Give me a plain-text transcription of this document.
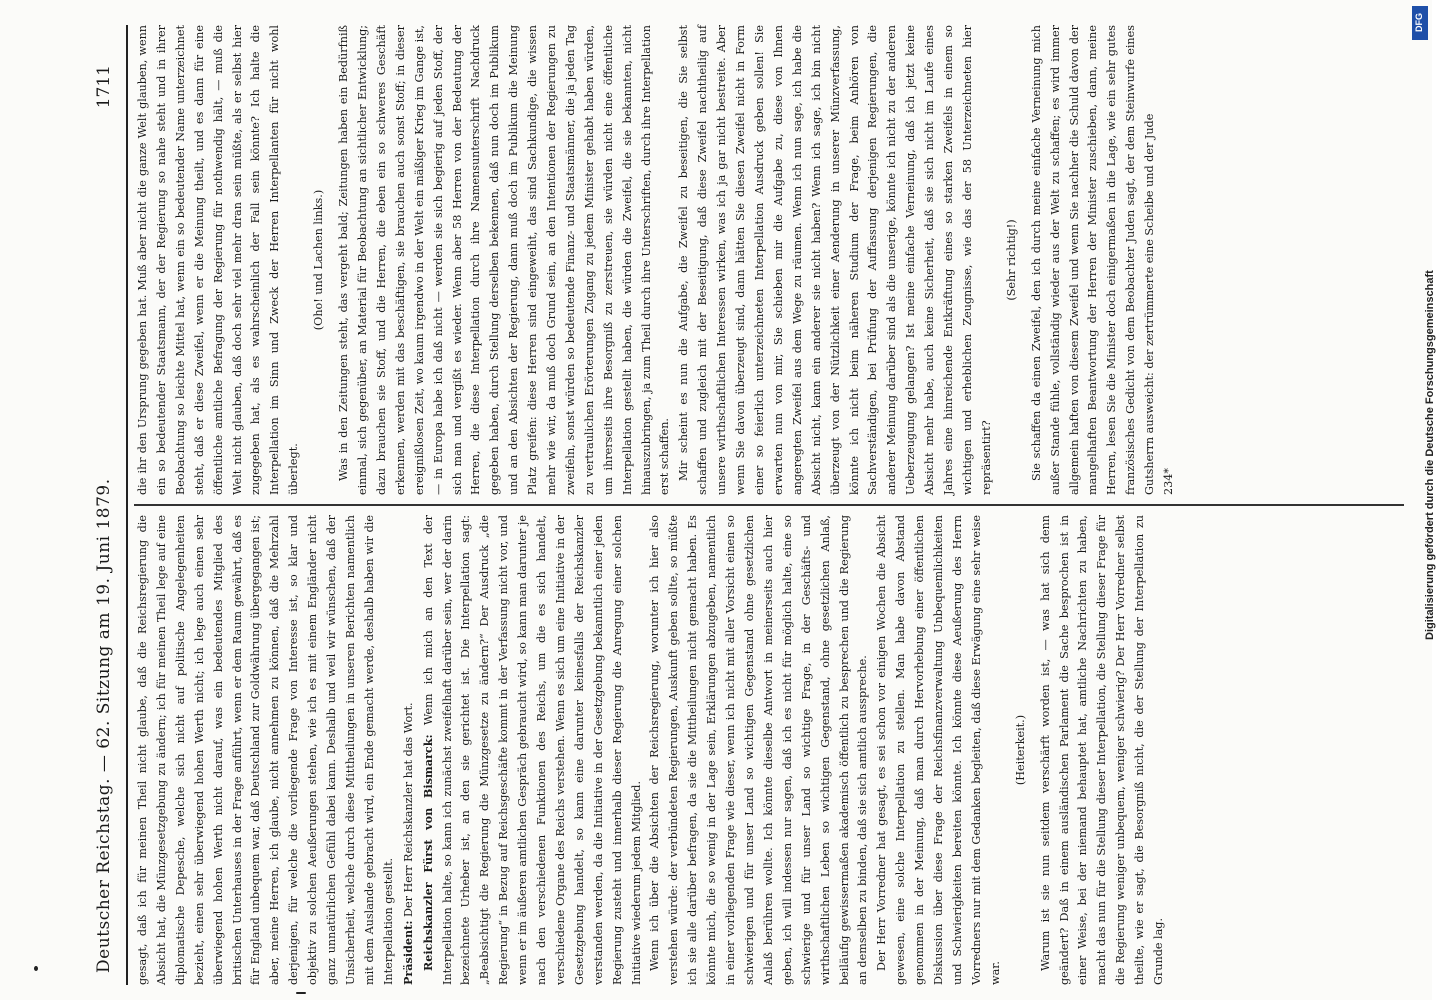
Deutscher Reichstag. — 62. Sitzung am 19. Juni 1879.
1711

gesagt, daß ich für meinen Theil nicht glaube, daß die Reichsregierung die Absicht hat, die Münzgesetzgebung zu ändern; ich für meinen Theil lege auf eine diplomatische Depesche, welche sich nicht auf politische Angelegenheiten bezieht, einen sehr überwiegend hohen Werth nicht; ich lege auch einen sehr überwiegend hohen Werth nicht darauf, was ein bedeutendes Mitglied des britischen Unterhauses in der Frage anführt, wenn er dem Raum gewährt, daß es für England unbequem war, daß Deutschland zur Goldwährung übergegangen ist; aber, meine Herren, ich glaube, nicht annehmen zu können, daß die Mehrzahl derjenigen, für welche die vorliegende Frage von Interesse ist, so klar und objektiv zu solchen Aeußerungen stehen, wie ich es mit einem Engländer nicht ganz unnatürlichen Gefühl dabei kann. Deshalb und weil wir wünschen, daß der Unsicherheit, welche durch diese Mittheilungen in unseren Berichten namentlich mit dem Auslande gebracht wird, ein Ende gemacht werde, deshalb haben wir die Interpellation gestellt. Präsident: Der Herr Reichskanzler hat das Wort. Reichskanzler Fürst von Bismarck: Wenn ich mich an den Text der Interpellation halte, so kann ich zunächst zweifelhaft darüber sein, wer der darin bezeichnete Urheber ist, an den sie gerichtet ist. Die Interpellation sagt: „Beabsichtigt die Regierung die Münzgesetze zu ändern?“ Der Ausdruck „die Regierung“ in Bezug auf Reichsgeschäfte kommt in der Verfassung nicht vor, und wenn er im äußeren amtlichen Gespräch gebraucht wird, so kann man darunter je nach den verschiedenen Funktionen des Reichs, um die es sich handelt, verschiedene Organe des Reichs verstehen. Wenn es sich um eine Initiative in der Gesetzgebung handelt, so kann eine darunter keinesfalls der Reichskanzler verstanden werden, da die Initiative in der Gesetzgebung bekanntlich einer jeden Regierung zusteht und innerhalb dieser Regierung die Anregung einer solchen Initiative wiederum jedem Mitglied. Wenn ich über die Absichten der Reichsregierung, worunter ich hier also verstehen würde: der verbündeten Regierungen, Auskunft geben sollte, so müßte ich sie alle darüber befragen, da sie die Mittheilungen nicht gemacht haben. Es könnte mich, die so wenig in der Lage sein, Erklärungen abzugeben, namentlich in einer vorliegenden Frage wie dieser, wenn ich nicht mit aller Vorsicht einen so schwierigen und für unser Land so wichtigen Gegenstand ohne gesetzlichen Anlaß berühren wollte. Ich könnte dieselbe Antwort in meinerseits auch hier geben, ich will indessen nur sagen, daß ich es nicht für möglich halte, eine so schwierige und für unser Land so wichtige Frage, in der Geschäfts- und wirthschaftlichen Leben so wichtigen Gegenstand, ohne gesetzlichen Anlaß, beiläufig gewissermaßen akademisch öffentlich zu besprechen und die Regierung an demselben zu binden, daß sie sich amtlich ausspreche. Der Herr Vorredner hat gesagt, es sei schon vor einigen Wochen die Absicht gewesen, eine solche Interpellation zu stellen. Man habe davon Abstand genommen in der Meinung, daß man durch Hervorhebung einer öffentlichen Diskussion über diese Frage der Reichsfinanzverwaltung Unbequemlichkeiten und Schwierigkeiten bereiten könnte. Ich könnte diese Aeußerung des Herrn Vorredners nur mit dem Gedanken begleiten, daß diese Erwägung eine sehr weise war.

(Heiterkeit.)	Warum ist sie nun seitdem verschärft worden ist, — was hat sich denn geändert? Daß in einem ausländischen Parlament die Sache besprochen ist in einer Weise, bei der niemand behauptet hat, amtliche Nachrichten zu haben, macht das nun für die Stellung dieser Interpellation, die Stellung dieser Frage für die Regierung weniger unbequem, weniger schwierig? Der Herr Vorredner selbst theilte, wie er sagt, die Besorgniß nicht, die der Stellung der Interpellation zu Grunde lag.

die ihr den Ursprung gegeben hat. Muß aber nicht die ganze Welt glauben, wenn ein so bedeutender Staatsmann, der der Regierung so nahe steht und in ihrer Beobachtung so leichte Mittel hat, wenn ein so bedeutender Name unterzeichnet steht, daß er diese Zweifel, wenn er die Meinung theilt, und es dann für eine öffentliche amtliche Befragung der Regierung für nothwendig hält, — muß die Welt nicht glauben, daß doch sehr viel mehr dran sein müßte, als er selbst hier zugegeben hat, als es wahrscheinlich der Fall sein könnte? Ich halte die Interpellation im Sinn und Zweck der Herren Interpellanten für nicht wohl überlegt.

(Oho! und Lachen links.)	Was in den Zeitungen steht, das vergeht bald; Zeitungen haben ein Bedürfniß einmal, sich gegenüber, an Material für Beobachtung an sichtlicher Entwicklung; dazu brauchen sie Stoff, und die Herren, die eben ein so schweres Geschäft erkennen, werden mit das beschäftigen, sie brauchen auch sonst Stoff; in dieser ereignißlosen Zeit, wo kaum irgendwo in der Welt ein mäßiger Krieg im Gange ist, — in Europa habe ich daß nicht — werden sie sich begierig auf jeden Stoff, der sich man und vergißt es wieder. Wenn aber 58 Herren von der Bedeutung der Herren, die diese Interpellation durch ihre Namensunterschrift Nachdruck gegeben haben, durch Stellung derselben bekennen, daß nun doch im Publikum und an den Absichten der Regierung, dann muß doch im Publikum die Meinung Platz greifen: diese Herren sind eingeweiht, das sind Sachkundige, die wissen mehr wie wir, da muß doch Grund sein, an den Intentionen der Regierungen zu zweifeln, sonst würden so bedeutende Finanz- und Staatsmänner, die ja jeden Tag zu vertraulichen Erörterungen Zugang zu jedem Minister gehabt haben würden, um ihrerseits ihre Besorgniß zu zerstreuen, sie würden nicht eine öffentliche Interpellation gestellt haben, die würden die Zweifel, die sie bekannten, nicht hinauszubringen, ja zum Theil durch ihre Unterschriften, durch ihre Interpellation erst schaffen. Mir scheint es nun die Aufgabe, die Zweifel zu beseitigen, die Sie selbst schaffen und zugleich mit der Beseitigung, daß diese Zweifel nachtheilig auf unsere wirthschaftlichen Interessen wirken, was ich ja gar nicht bestreite. Aber wenn Sie davon überzeugt sind, dann hätten Sie diesen Zweifel nicht in Form einer so feierlich unterzeichneten Interpellation Ausdruck geben sollen! Sie erwarten nun von mir, Sie schieben mir die Aufgabe zu, diese von Ihnen angeregten Zweifel aus dem Wege zu räumen. Wenn ich nun sage, ich habe die Absicht nicht, kann ein anderer sie nicht haben? Wenn ich sage, ich bin nicht überzeugt von der Nützlichkeit einer Aenderung in unserer Münzverfassung, könnte ich nicht beim näheren Studium der Frage, beim Anhören von Sachverständigen, bei Prüfung der Auffassung derjenigen Regierungen, die anderer Meinung darüber sind als die unserige, könnte ich nicht zu der anderen Ueberzeugung gelangen? Ist meine einfache Verneinung, daß ich jetzt keine Absicht mehr habe, auch keine Sicherheit, daß sie sich nicht im Laufe eines Jahres eine hinreichende Entkräftung eines so starken Zweifels in einem so wichtigen und erheblichen Zeugnisse, wie das der 58 Unterzeichneten hier repräsentirt?

(Sehr richtig!)	Sie schaffen da einen Zweifel, den ich durch meine einfache Verneinung mich außer Stande fühle, vollständig wieder aus der Welt zu schaffen; es wird immer allgemein haften von diesem Zweifel und wenn Sie nachher die Schuld davon der mangelhaften Beantwortung der Herren der Minister zuschieben, dann, meine Herren, lesen Sie die Minister doch einigermaßen in die Lage, wie ein sehr gutes französisches Gedicht von dem Beobachter Juden sagt, der dem Steinwurfe eines Gutsherrn ausweicht: der zertrümmerte eine Scheibe und der Jude 234*

DFG
Digitalisierung gefördert durch die Deutsche Forschungsgemeinschaft
